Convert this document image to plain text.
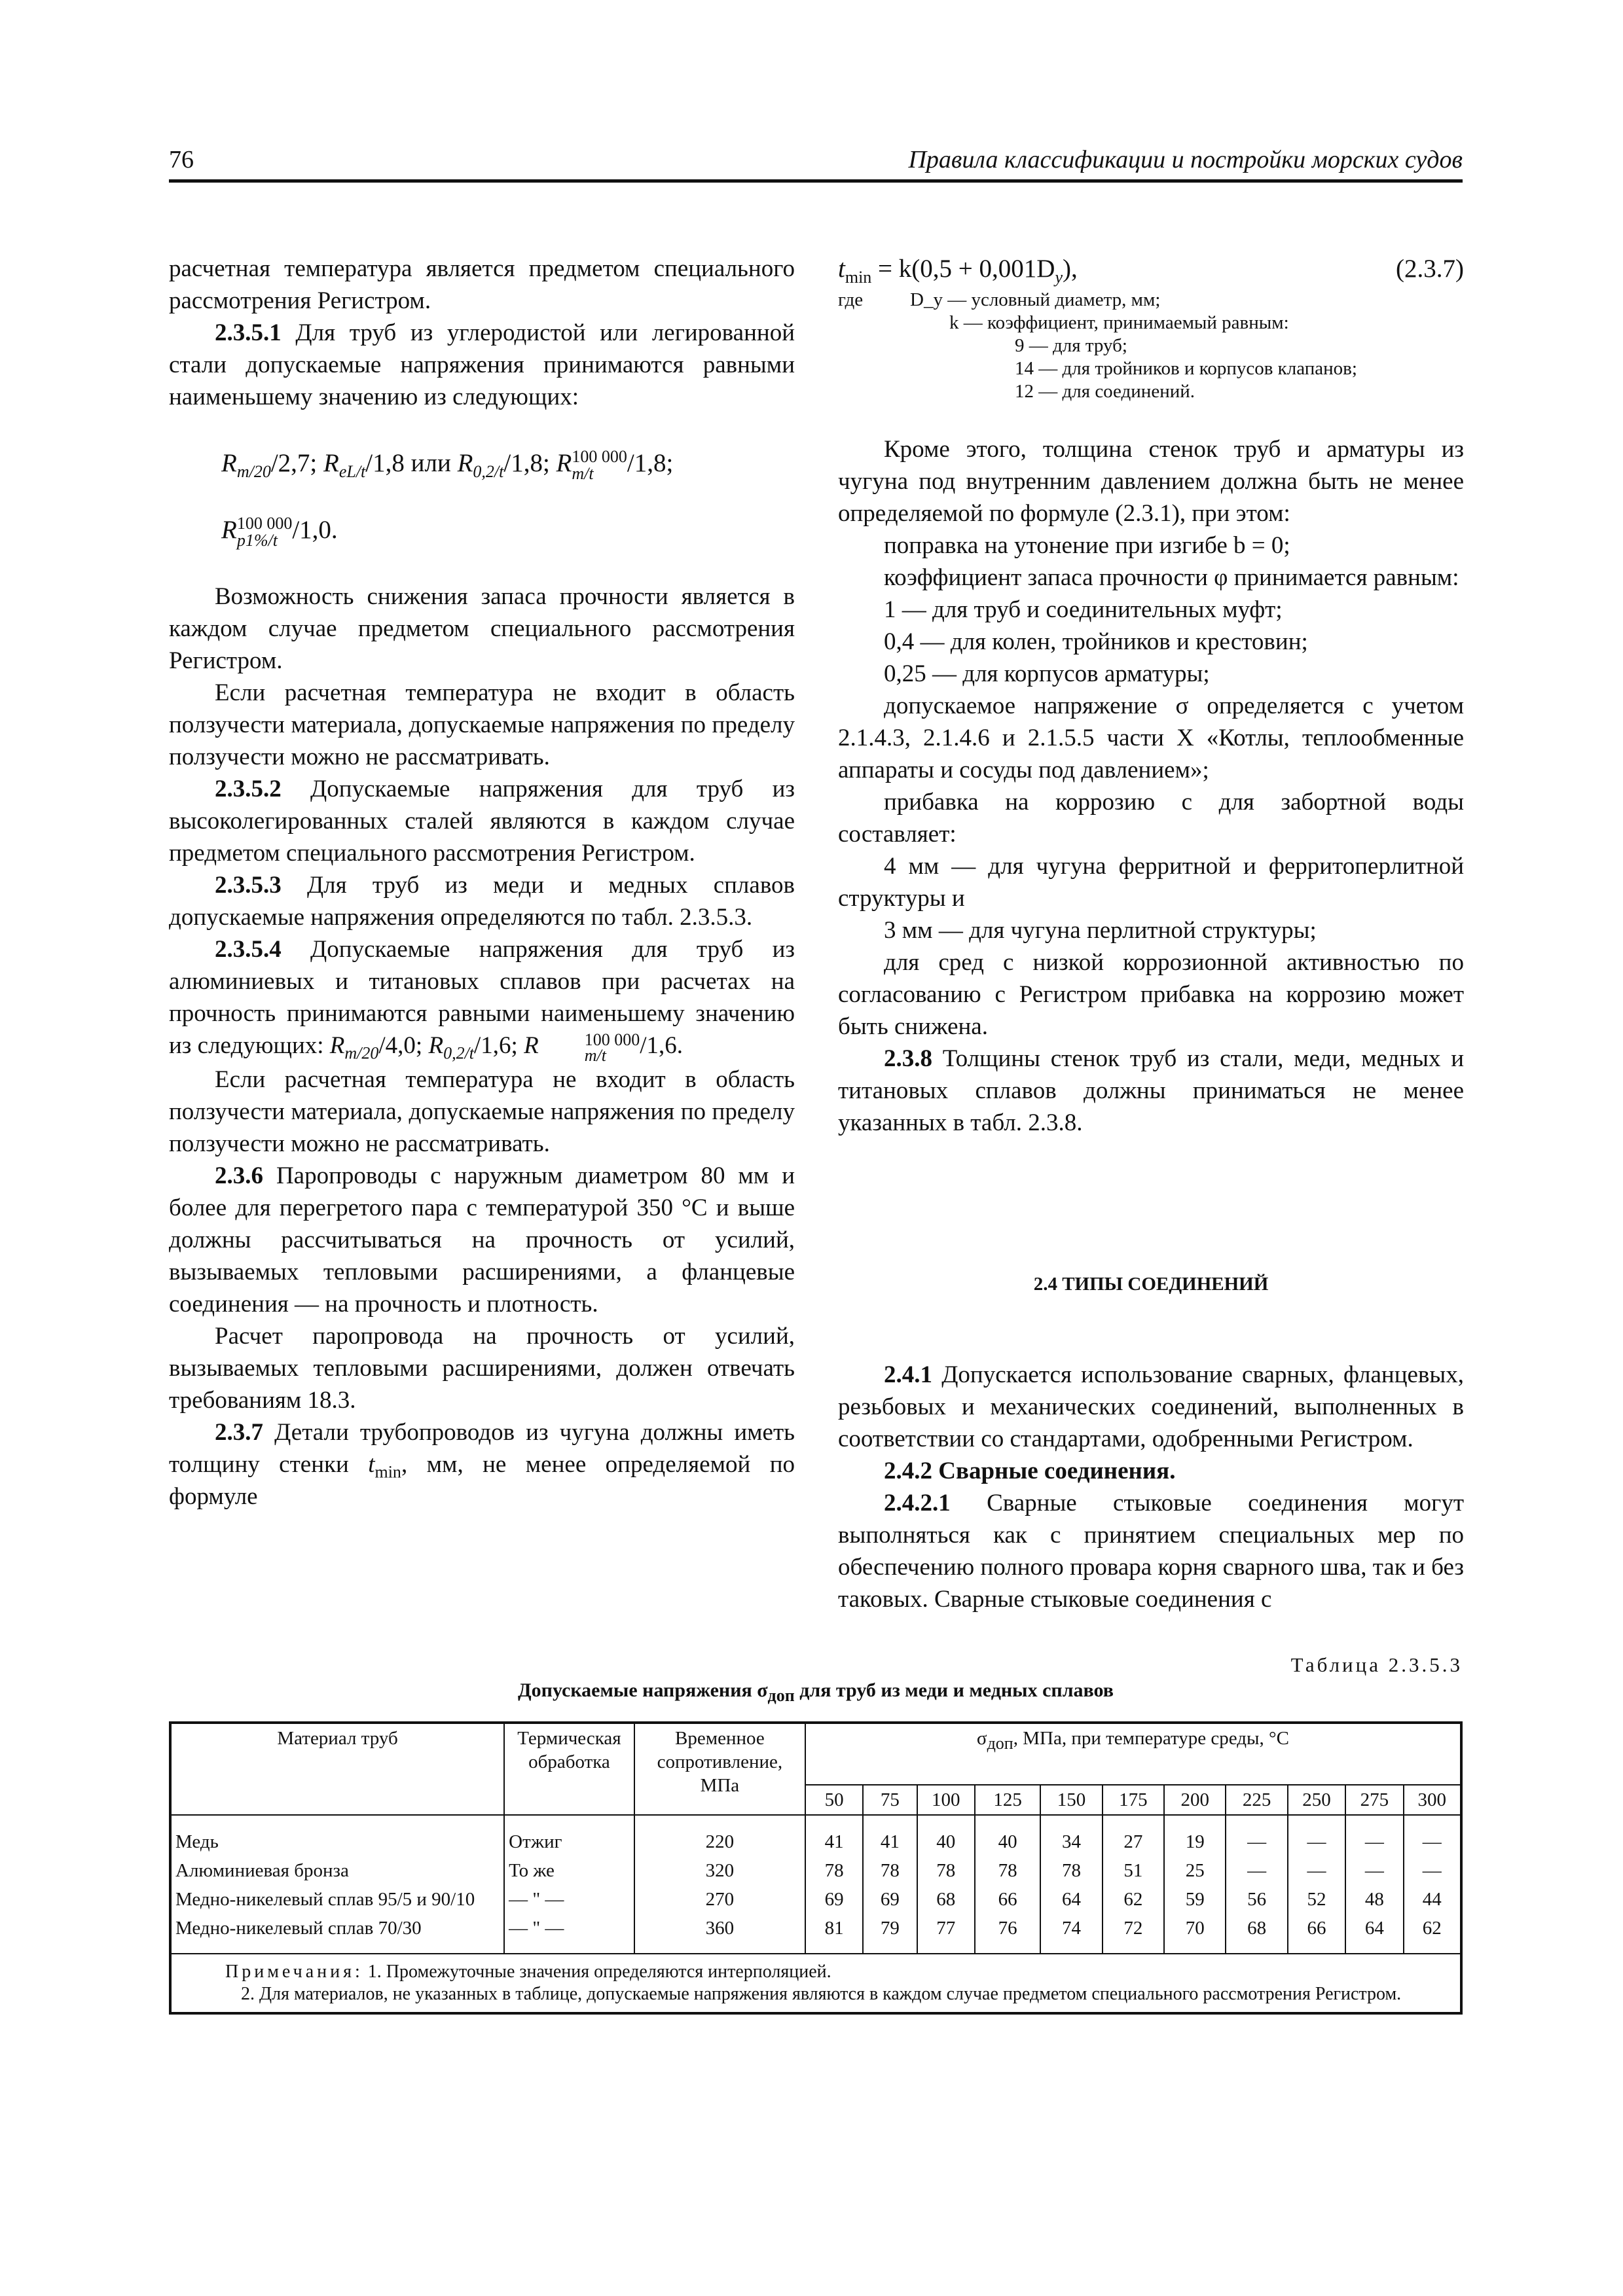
76	Правила классификации и постройки морских судов

расчетная температура является предметом специального рассмотрения Регистром.

2.3.5.1 Для труб из углеродистой или легированной стали допускаемые напряжения принимаются равными наименьшему значению из следующих:

$R_{m/20}/2,7$; $R_{eL/t}/1,8$ или $R_{0,2/t}/1,8$; R 100 000
m/t	/1,8;

R 100 000
p1%/t /1,0.

Возможность снижения запаса прочности является в каждом случае предметом специального рассмотрения Регистром.

Если расчетная температура не входит в область ползучести материала, допускаемые напряжения по пределу ползучести можно не рассматривать.

2.3.5.2 Допускаемые напряжения для труб из высоколегированных сталей являются в каждом случае предметом специального рассмотрения Регистром.

2.3.5.3 Для труб из меди и медных сплавов допускаемые напряжения определяются по табл. 2.3.5.3.

2.3.5.4 Допускаемые напряжения для труб из алюминиевых и титановых сплавов при расчетах на прочность принимаются равными наименьшему значению из следующих: $R_{m/20}/4,0$; $R_{0,2/t}/1,6$; R	100 000
m/t	/1,6.

Если расчетная температура не входит в область ползучести материала, допускаемые напряжения по пределу ползучести можно не рассматривать.

2.3.6 Паропроводы с наружным диаметром 80 мм и более для перегретого пара с температурой 350 °С и выше должны рассчитываться на прочность от усилий, вызываемых тепловыми расширениями, а фланцевые соединения — на прочность и плотность.

Расчет паропровода на прочность от усилий, вызываемых тепловыми расширениями, должен отвечать требованиям 18.3.

2.3.7 Детали трубопроводов из чугуна должны иметь толщину стенки $t_{min}$, мм, не менее определяемой по формуле

$t_{min} = k(0,5 + 0,001D_y)$,	(2.3.7)

где	D_y — условный диаметр, мм;
k — коэффициент, принимаемый равным:
9 — для труб;
14 — для тройников и корпусов клапанов;
12 — для соединений.

Кроме этого, толщина стенок труб и арматуры из чугуна под внутренним давлением должна быть не менее определяемой по формуле (2.3.1), при этом:

поправка на утонение при изгибе b = 0;

коэффициент запаса прочности φ принимается равным:

1 — для труб и соединительных муфт;

0,4 — для колен, тройников и крестовин;

0,25 — для корпусов арматуры;

допускаемое напряжение σ определяется с учетом 2.1.4.3, 2.1.4.6 и 2.1.5.5 части X «Котлы, теплообменные аппараты и сосуды под давлением»;

прибавка на коррозию с для забортной воды составляет:

4 мм — для чугуна ферритной и ферритоперлитной структуры и

3 мм — для чугуна перлитной структуры;

для сред с низкой коррозионной активностью по согласованию с Регистром прибавка на коррозию может быть снижена.

2.3.8 Толщины стенок труб из стали, меди, медных и титановых сплавов должны приниматься не менее указанных в табл. 2.3.8.

2.4 ТИПЫ СОЕДИНЕНИЙ

2.4.1 Допускается использование сварных, фланцевых, резьбовых и механических соединений, выполненных в соответствии со стандартами, одобренными Регистром.

2.4.2 Сварные соединения.

2.4.2.1 Сварные стыковые соединения могут выполняться как с принятием специальных мер по обеспечению полного провара корня сварного шва, так и без таковых. Сварные стыковые соединения с

Таблица 2.3.5.3
Допускаемые напряжения $\sigma_{доп}$ для труб из меди и медных сплавов
Материал труб	Термическая обработка	Временное сопротивление, МПа	$\sigma_{доп}$, МПа, при температуре среды, °С										
			50	75	100	125	150	175	200	225	250	275	300
Медь	Отжиг	220	41	41	40	40	34	27	19	—	—	—	—
Алюминиевая бронза	То же	320	78	78	78	78	78	51	25	—	—	—	—
Медно-никелевый сплав 95/5 и 90/10	— " —	270	69	69	68	66	64	62	59	56	52	48	44
Медно-никелевый сплав 70/30	— " —	360	81	79	77	76	74	72	70	68	66	64	62

Примечания: 1. Промежуточные значения определяются интерполяцией.
2. Для материалов, не указанных в таблице, допускаемые напряжения являются в каждом случае предметом специального рассмотрения Регистром.													
